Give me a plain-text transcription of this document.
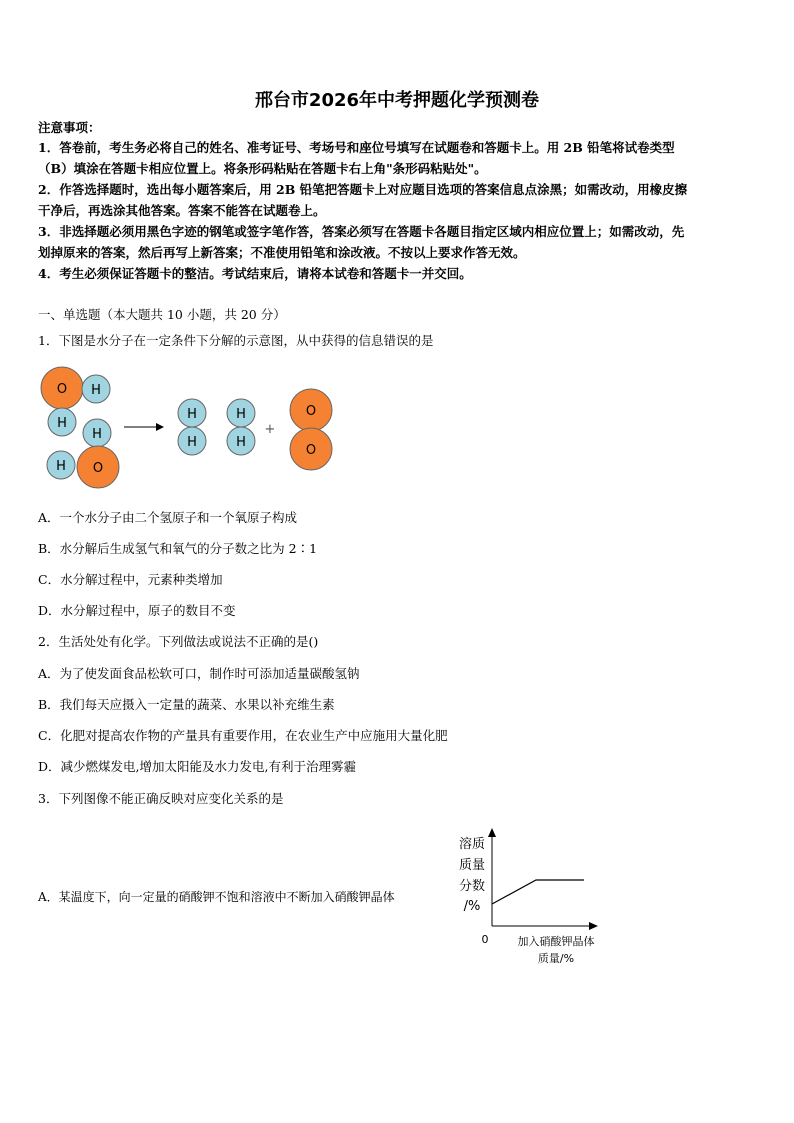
邢台市2026年中考押题化学预测卷
注意事项：
1．答卷前，考生务必将自己的姓名、准考证号、考场号和座位号填写在试题卷和答题卡上。用 2B 铅笔将试卷类型
（B）填涂在答题卡相应位置上。将条形码粘贴在答题卡右上角"条形码粘贴处"。
2．作答选择题时，选出每小题答案后，用 2B 铅笔把答题卡上对应题目选项的答案信息点涂黑；如需改动，用橡皮擦
干净后，再选涂其他答案。答案不能答在试题卷上。
3．非选择题必须用黑色字迹的钢笔或签字笔作答，答案必须写在答题卡各题目指定区域内相应位置上；如需改动，先
划掉原来的答案，然后再写上新答案；不准使用铅笔和涂改液。不按以上要求作答无效。
4．考生必须保证答题卡的整洁。考试结束后，请将本试卷和答题卡一并交回。
一、单选题（本大题共 10 小题，共 20 分）
1．下图是水分子在一定条件下分解的示意图，从中获得的信息错误的是
O H
H
H
H O
H
H
H
H
+
O
O
A．一个水分子由二个氢原子和一个氧原子构成
B．水分解后生成氢气和氧气的分子数之比为 2∶1
C．水分解过程中，元素种类增加
D．水分解过程中，原子的数目不变
2．生活处处有化学。下列做法或说法不正确的是()
A．为了使发面食品松软可口，制作时可添加适量碳酸氢钠
B．我们每天应摄入一定量的蔬菜、水果以补充维生素
C．化肥对提高农作物的产量具有重要作用，在农业生产中应施用大量化肥
D．减少燃煤发电,增加太阳能及水力发电,有利于治理雾霾
3．下列图像不能正确反映对应变化关系的是
A．某温度下，向一定量的硝酸钾不饱和溶液中不断加入硝酸钾晶体
溶质
质量
分数
/%
0	加入硝酸钾晶体
质量/%
